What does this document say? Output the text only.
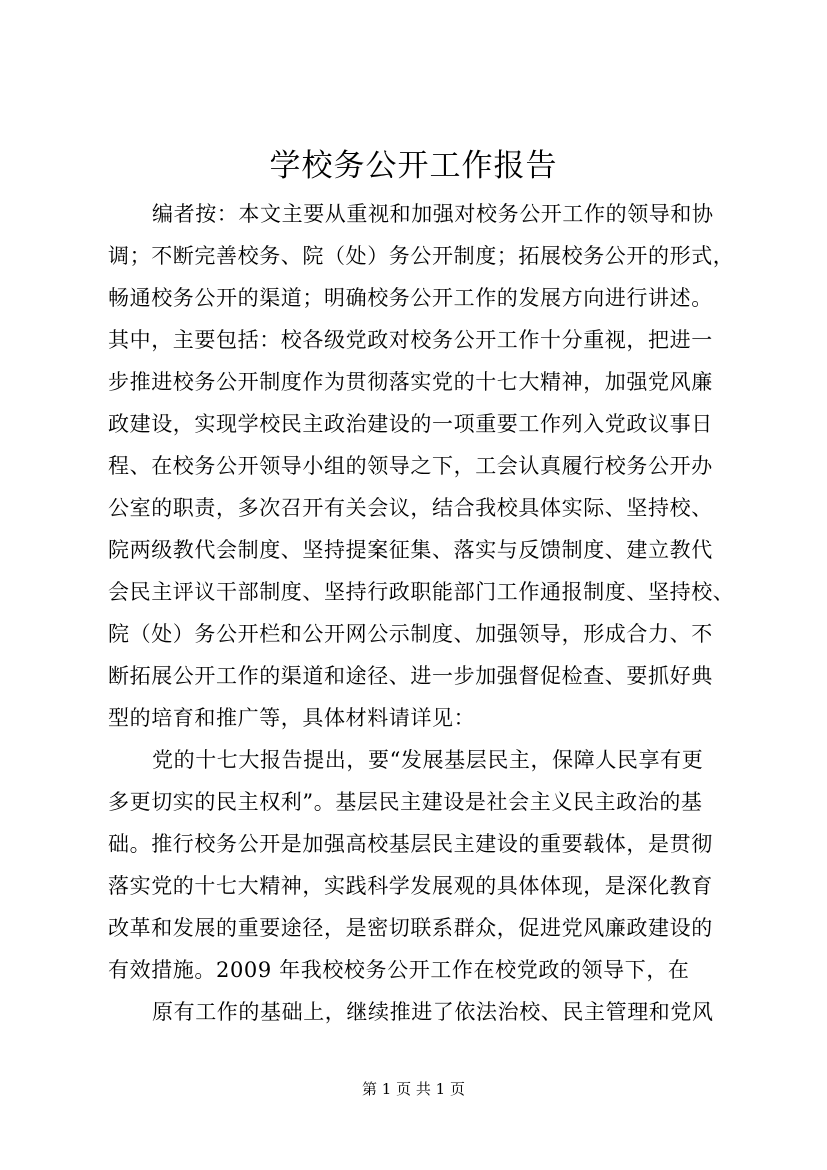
学校务公开工作报告
编者按：本文主要从重视和加强对校务公开工作的领导和协
调；不断完善校务、院（处）务公开制度；拓展校务公开的形式，
畅通校务公开的渠道；明确校务公开工作的发展方向进行讲述。
其中，主要包括：校各级党政对校务公开工作十分重视，把进一
步推进校务公开制度作为贯彻落实党的十七大精神，加强党风廉
政建设，实现学校民主政治建设的一项重要工作列入党政议事日
程、在校务公开领导小组的领导之下，工会认真履行校务公开办
公室的职责，多次召开有关会议，结合我校具体实际、坚持校、
院两级教代会制度、坚持提案征集、落实与反馈制度、建立教代
会民主评议干部制度、坚持行政职能部门工作通报制度、坚持校、
院（处）务公开栏和公开网公示制度、加强领导，形成合力、不
断拓展公开工作的渠道和途径、进一步加强督促检查、要抓好典
型的培育和推广等，具体材料请详见：
党的十七大报告提出，要“发展基层民主，保障人民享有更
多更切实的民主权利”。基层民主建设是社会主义民主政治的基
础。推行校务公开是加强高校基层民主建设的重要载体，是贯彻
落实党的十七大精神，实践科学发展观的具体体现，是深化教育
改革和发展的重要途径，是密切联系群众，促进党风廉政建设的
有效措施。2009 年我校校务公开工作在校党政的领导下，在
原有工作的基础上，继续推进了依法治校、民主管理和党风
第 1 页 共 1 页
